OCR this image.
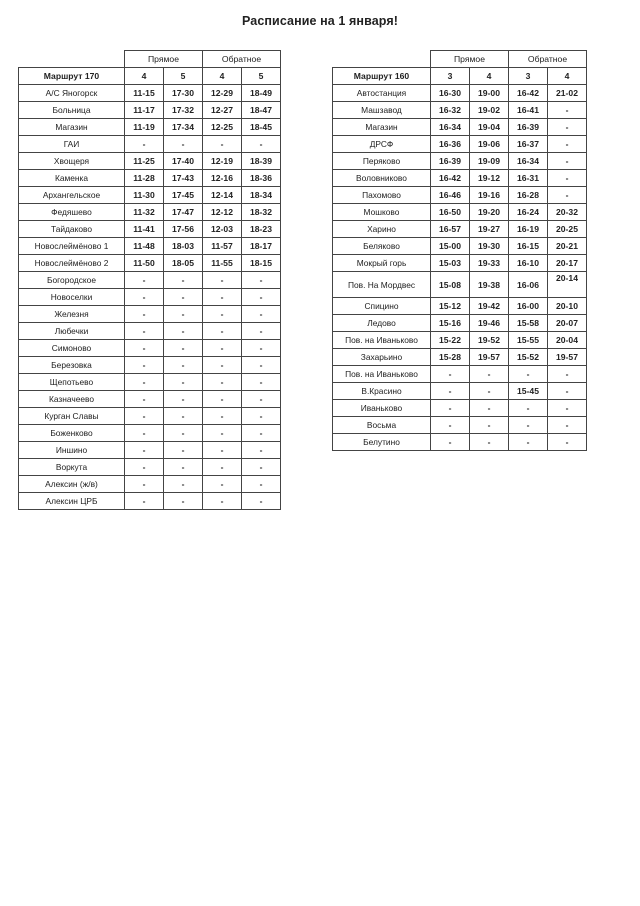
Расписание на 1 января!
	Прямое		Обратное	
Маршрут 170	4	5	4	5
А/С Яногорск	11-15	17-30	12-29	18-49
Больница	11-17	17-32	12-27	18-47
Магазин	11-19	17-34	12-25	18-45
ГАИ	-	-	-	-
Хвощеря	11-25	17-40	12-19	18-39
Каменка	11-28	17-43	12-16	18-36
Архангельское	11-30	17-45	12-14	18-34
Федяшево	11-32	17-47	12-12	18-32
Тайдаково	11-41	17-56	12-03	18-23
Новослеймёново 1	11-48	18-03	11-57	18-17
Новослеймёново 2	11-50	18-05	11-55	18-15
Богородское	-	-	-	-
Новоселки	-	-	-	-
Железня	-	-	-	-
Любечки	-	-	-	-
Симоново	-	-	-	-
Березовка	-	-	-	-
Щепотьево	-	-	-	-
Казначеево	-	-	-	-
Курган Славы	-	-	-	-
Боженково	-	-	-	-
Иншино	-	-	-	-
Воркута	-	-	-	-
Алексин (ж/в)	-	-	-	-
Алексин ЦРБ	-	-	-	-
	Прямое		Обратное	
Маршрут 160	3	4	3	4
Автостанция	16-30	19-00	16-42	21-02
Машзавод	16-32	19-02	16-41	-
Магазин	16-34	19-04	16-39	-
ДРСФ	16-36	19-06	16-37	-
Перяково	16-39	19-09	16-34	-
Воловниково	16-42	19-12	16-31	-
Пахомово	16-46	19-16	16-28	-
Мошково	16-50	19-20	16-24	20-32
Харино	16-57	19-27	16-19	20-25
Беляково	15-00	19-30	16-15	20-21
Мокрый горь	15-03	19-33	16-10	20-17
Пов. На Мордвес	15-08	19-38	16-06	20-14
Спицино	15-12	19-42	16-00	20-10
Ледово	15-16	19-46	15-58	20-07
Пов. на Иваньково	15-22	19-52	15-55	20-04
Захарьино	15-28	19-57	15-52	19-57
Пов. на Иваньково	-	-	-	-
В.Красино	-	-	15-45	-
Иваньково	-	-	-	-
Восьма	-	-	-	-
Белутино	-	-	-	-
